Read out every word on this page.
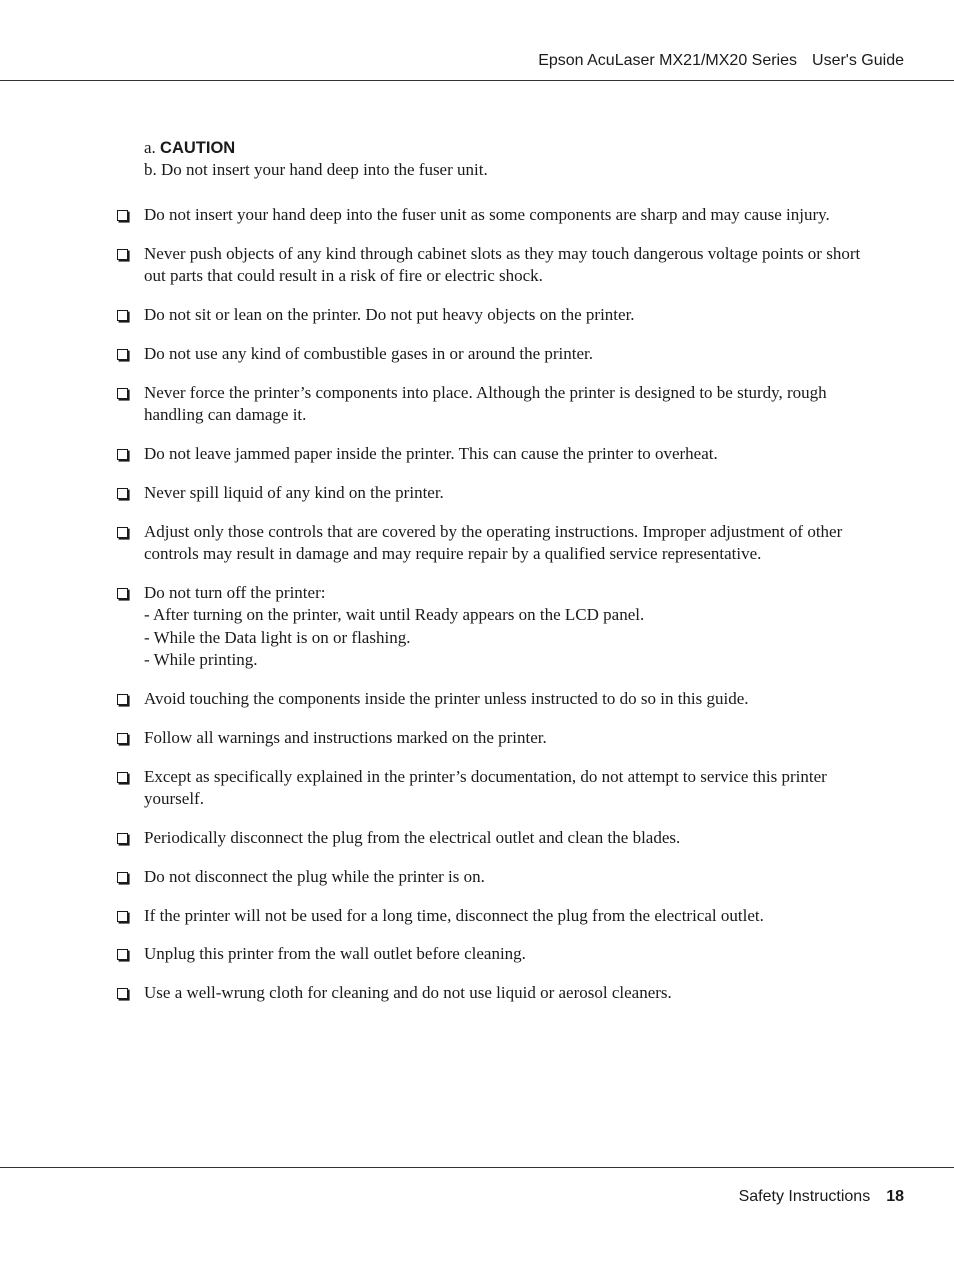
Epson AcuLaser MX21/MX20 Series User's Guide
a. CAUTION
b. Do not insert your hand deep into the fuser unit.
Do not insert your hand deep into the fuser unit as some components are sharp and may cause injury.
Never push objects of any kind through cabinet slots as they may touch dangerous voltage points or short out parts that could result in a risk of fire or electric shock.
Do not sit or lean on the printer. Do not put heavy objects on the printer.
Do not use any kind of combustible gases in or around the printer.
Never force the printer’s components into place. Although the printer is designed to be sturdy, rough handling can damage it.
Do not leave jammed paper inside the printer. This can cause the printer to overheat.
Never spill liquid of any kind on the printer.
Adjust only those controls that are covered by the operating instructions. Improper adjustment of other controls may result in damage and may require repair by a qualified service representative.
Do not turn off the printer:
- After turning on the printer, wait until Ready appears on the LCD panel.
- While the Data light is on or flashing.
- While printing.
Avoid touching the components inside the printer unless instructed to do so in this guide.
Follow all warnings and instructions marked on the printer.
Except as specifically explained in the printer’s documentation, do not attempt to service this printer yourself.
Periodically disconnect the plug from the electrical outlet and clean the blades.
Do not disconnect the plug while the printer is on.
If the printer will not be used for a long time, disconnect the plug from the electrical outlet.
Unplug this printer from the wall outlet before cleaning.
Use a well-wrung cloth for cleaning and do not use liquid or aerosol cleaners.
Safety Instructions 18
